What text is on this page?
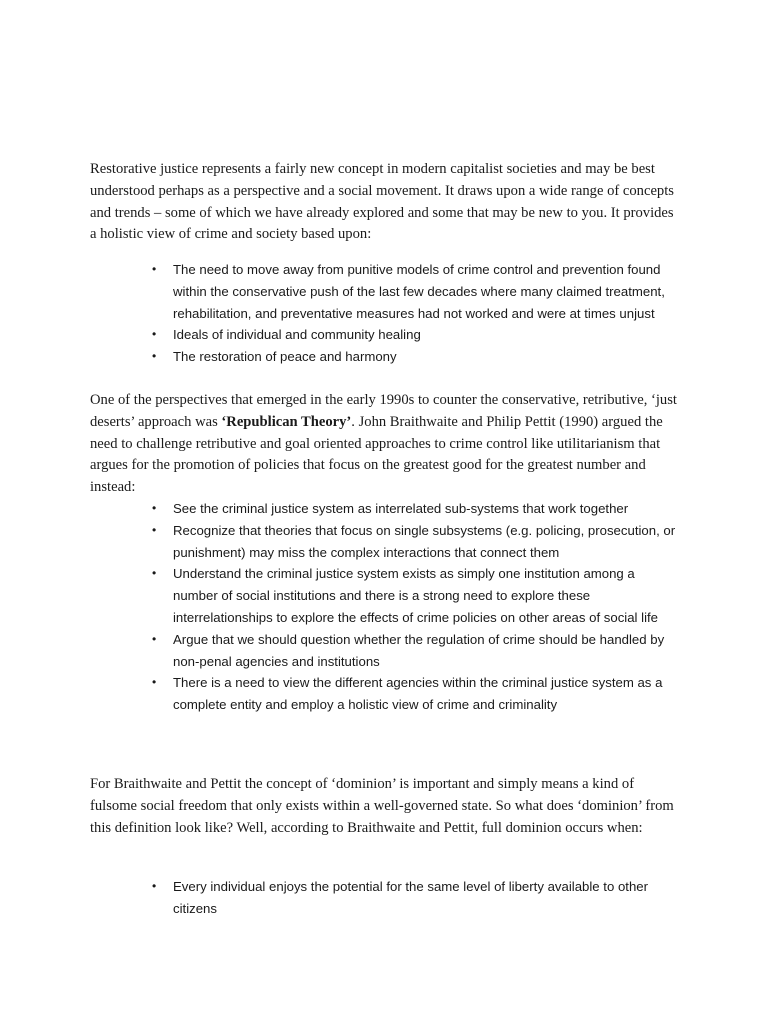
Restorative justice represents a fairly new concept in modern capitalist societies and may be best understood perhaps as a perspective and a social movement. It draws upon a wide range of concepts and trends – some of which we have already explored and some that may be new to you. It provides a holistic view of crime and society based upon:

• The need to move away from punitive models of crime control and prevention found within the conservative push of the last few decades where many claimed treatment, rehabilitation, and preventative measures had not worked and were at times unjust
• Ideals of individual and community healing
• The restoration of peace and harmony

One of the perspectives that emerged in the early 1990s to counter the conservative, retributive, ‘just deserts’ approach was ‘Republican Theory’. John Braithwaite and Philip Pettit (1990) argued the need to challenge retributive and goal oriented approaches to crime control like utilitarianism that argues for the promotion of policies that focus on the greatest good for the greatest number and instead:

• See the criminal justice system as interrelated sub-systems that work together
• Recognize that theories that focus on single subsystems (e.g. policing, prosecution, or punishment) may miss the complex interactions that connect them
• Understand the criminal justice system exists as simply one institution among a number of social institutions and there is a strong need to explore these interrelationships to explore the effects of crime policies on other areas of social life
• Argue that we should question whether the regulation of crime should be handled by non-penal agencies and institutions
• There is a need to view the different agencies within the criminal justice system as a complete entity and employ a holistic view of crime and criminality

For Braithwaite and Pettit the concept of ‘dominion’ is important and simply means a kind of fulsome social freedom that only exists within a well-governed state. So what does ‘dominion’ from this definition look like? Well, according to Braithwaite and Pettit, full dominion occurs when:

• Every individual enjoys the potential for the same level of liberty available to other citizens
